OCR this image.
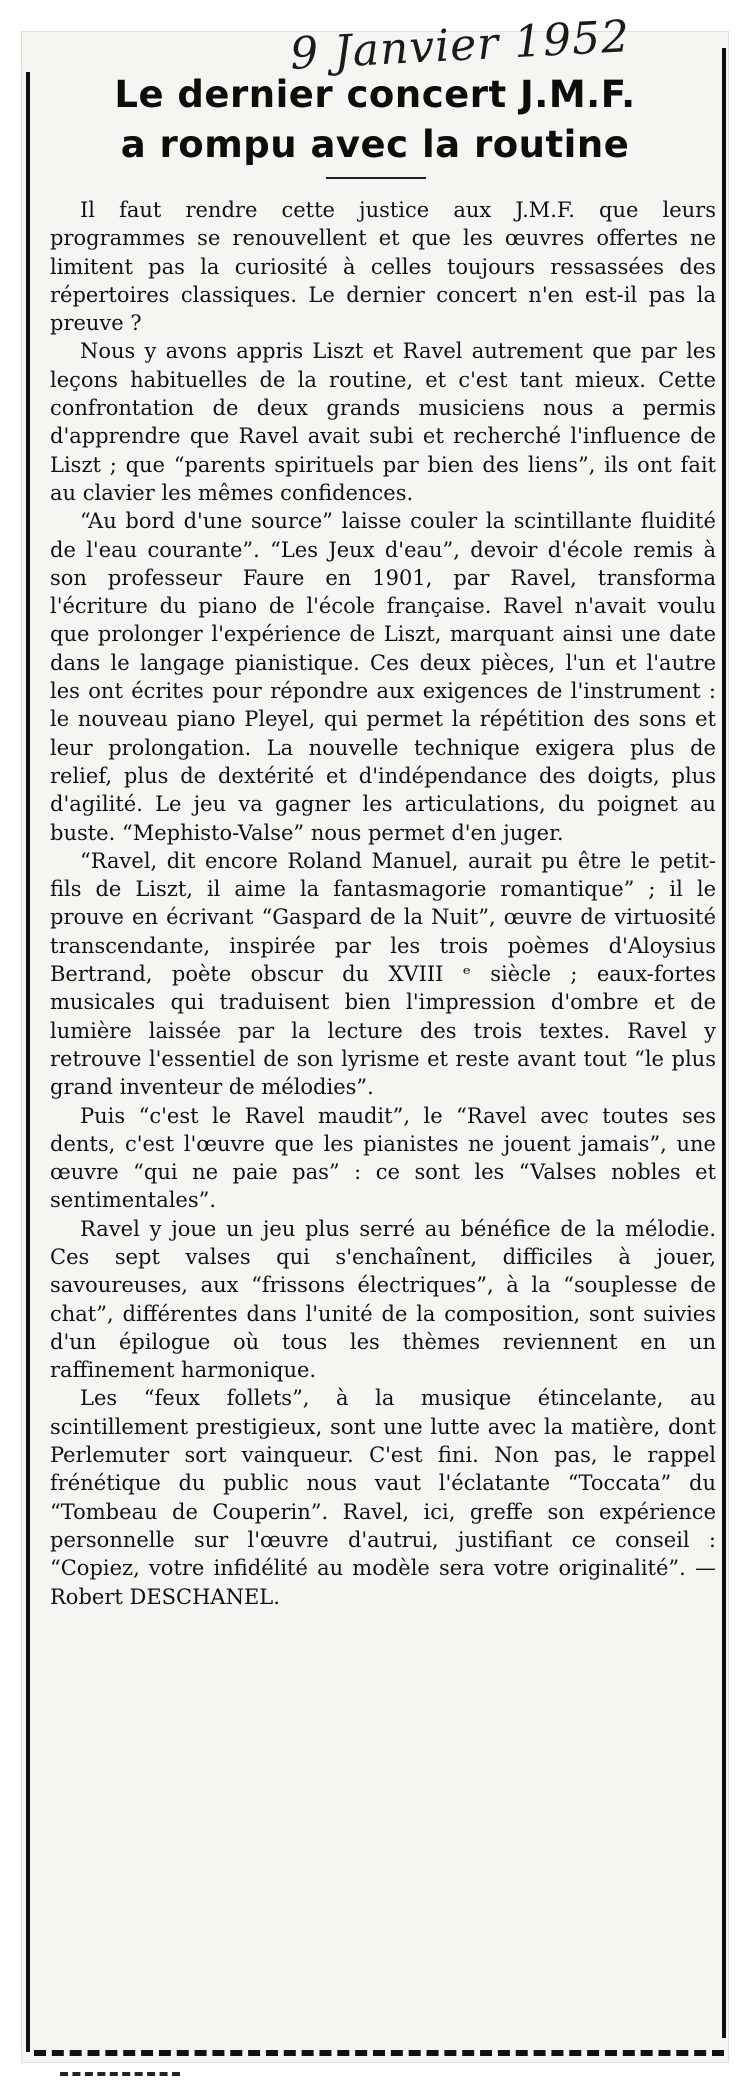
9 Janvier 1952
Le dernier concert J.M.F.
a rompu avec la routine

Il faut rendre cette justice aux J.M.F. que leurs programmes se renouvellent et que les œuvres offertes ne limitent pas la curiosité à celles toujours ressassées des répertoires classiques. Le dernier concert n'en est-il pas la preuve ?

Nous y avons appris Liszt et Ravel autrement que par les leçons habituelles de la routine, et c'est tant mieux. Cette confrontation de deux grands musiciens nous a permis d'apprendre que Ravel avait subi et recherché l'influence de Liszt ; que “parents spirituels par bien des liens”, ils ont fait au clavier les mêmes confidences.

“Au bord d'une source” laisse couler la scintillante fluidité de l'eau courante”. “Les Jeux d'eau”, devoir d'école remis à son professeur Faure en 1901, par Ravel, transforma l'écriture du piano de l'école française. Ravel n'avait voulu que prolonger l'expérience de Liszt, marquant ainsi une date dans le langage pianistique. Ces deux pièces, l'un et l'autre les ont écrites pour répondre aux exigences de l'instrument : le nouveau piano Pleyel, qui permet la répétition des sons et leur prolongation. La nouvelle technique exigera plus de relief, plus de dextérité et d'indépendance des doigts, plus d'agilité. Le jeu va gagner les articulations, du poignet au buste. “Mephisto-Valse” nous permet d'en juger.

“Ravel, dit encore Roland Manuel, aurait pu être le petit-fils de Liszt, il aime la fantasmagorie romantique” ; il le prouve en écrivant “Gaspard de la Nuit”, œuvre de virtuosité transcendante, inspirée par les trois poèmes d'Aloysius Bertrand, poète obscur du XVIII ᵉ siècle ; eaux-fortes musicales qui traduisent bien l'impression d'ombre et de lumière laissée par la lecture des trois textes. Ravel y retrouve l'essentiel de son lyrisme et reste avant tout “le plus grand inventeur de mélodies”.

Puis “c'est le Ravel maudit”, le “Ravel avec toutes ses dents, c'est l'œuvre que les pianistes ne jouent jamais”, une œuvre “qui ne paie pas” : ce sont les “Valses nobles et sentimentales”.

Ravel y joue un jeu plus serré au bénéfice de la mélodie. Ces sept valses qui s'enchaînent, difficiles à jouer, savoureuses, aux “frissons électriques”, à la “souplesse de chat”, différentes dans l'unité de la composition, sont suivies d'un épilogue où tous les thèmes reviennent en un raffinement harmonique.

Les “feux follets”, à la musique étincelante, au scintillement prestigieux, sont une lutte avec la matière, dont Perlemuter sort vainqueur. C'est fini. Non pas, le rappel frénétique du public nous vaut l'éclatante “Toccata” du “Tombeau de Couperin”. Ravel, ici, greffe son expérience personnelle sur l'œuvre d'autrui, justifiant ce conseil : “Copiez, votre infidélité au modèle sera votre originalité”. — Robert DESCHANEL.
